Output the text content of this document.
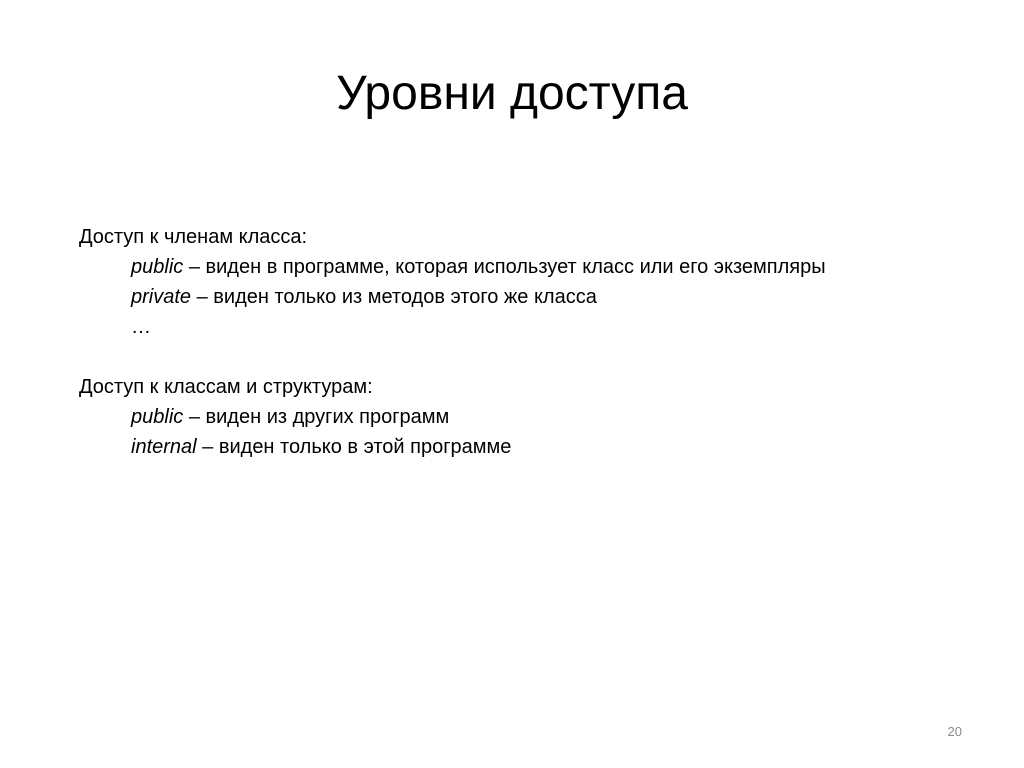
Уровни доступа
Доступ к членам класса:
public – виден в программе, которая использует класс или его экземпляры
private – виден только из методов этого же класса
…
Доступ к классам и структурам:
public – виден из других программ
internal – виден только в этой программе
20
